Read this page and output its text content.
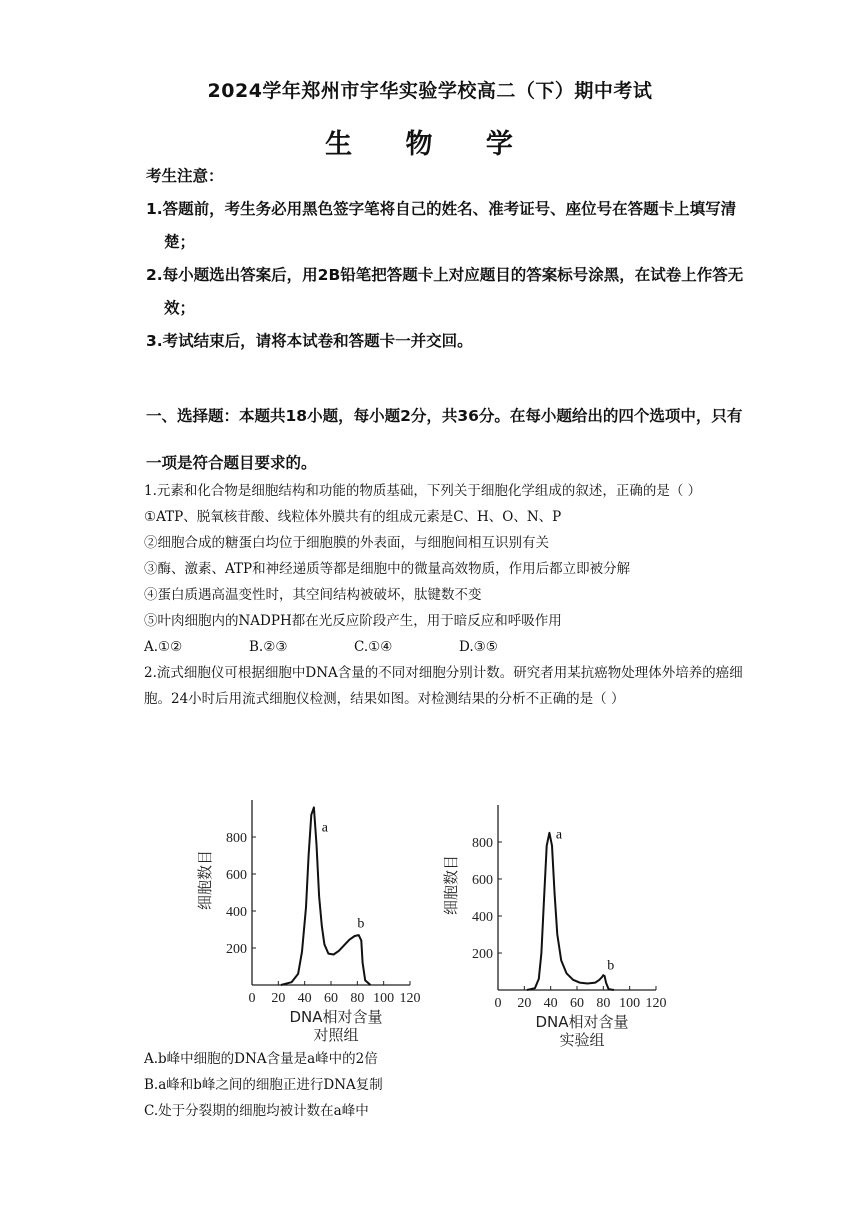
2024学年郑州市宇华实验学校高二（下）期中考试
生 物 学
考生注意：
1.答题前，考生务必用黑色签字笔将自己的姓名、准考证号、座位号在答题卡上填写清楚；
2.每小题选出答案后，用2B铅笔把答题卡上对应题目的答案标号涂黑，在试卷上作答无效；
3.考试结束后，请将本试卷和答题卡一并交回。
一、选择题：本题共18小题，每小题2分，共36分。在每小题给出的四个选项中，只有一项是符合题目要求的。

1.元素和化合物是细胞结构和功能的物质基础，下列关于细胞化学组成的叙述，正确的是（ ）

①ATP、脱氧核苷酸、线粒体外膜共有的组成元素是C、H、O、N、P

②细胞合成的糖蛋白均位于细胞膜的外表面，与细胞间相互识别有关

③酶、激素、ATP和神经递质等都是细胞中的微量高效物质，作用后都立即被分解

④蛋白质遇高温变性时，其空间结构被破坏，肽键数不变

⑤叶肉细胞内的NADPH都在光反应阶段产生，用于暗反应和呼吸作用

A.①②	B.②③	C.①④	D.③⑤

2.流式细胞仪可根据细胞中DNA含量的不同对细胞分别计数。研究者用某抗癌物处理体外培养的癌细胞。24小时后用流式细胞仪检测，结果如图。对检测结果的分析不正确的是（ ）

0 20 40 60 80 100 120
200
400
600
800
a
b
细胞数目
DNA相对含量
对照组
0 20 40 60 80 100 120
200
400
600
800
a
b
细胞数目
DNA相对含量
实验组

A.b峰中细胞的DNA含量是a峰中的2倍

B.a峰和b峰之间的细胞正进行DNA复制

C.处于分裂期的细胞均被计数在a峰中
